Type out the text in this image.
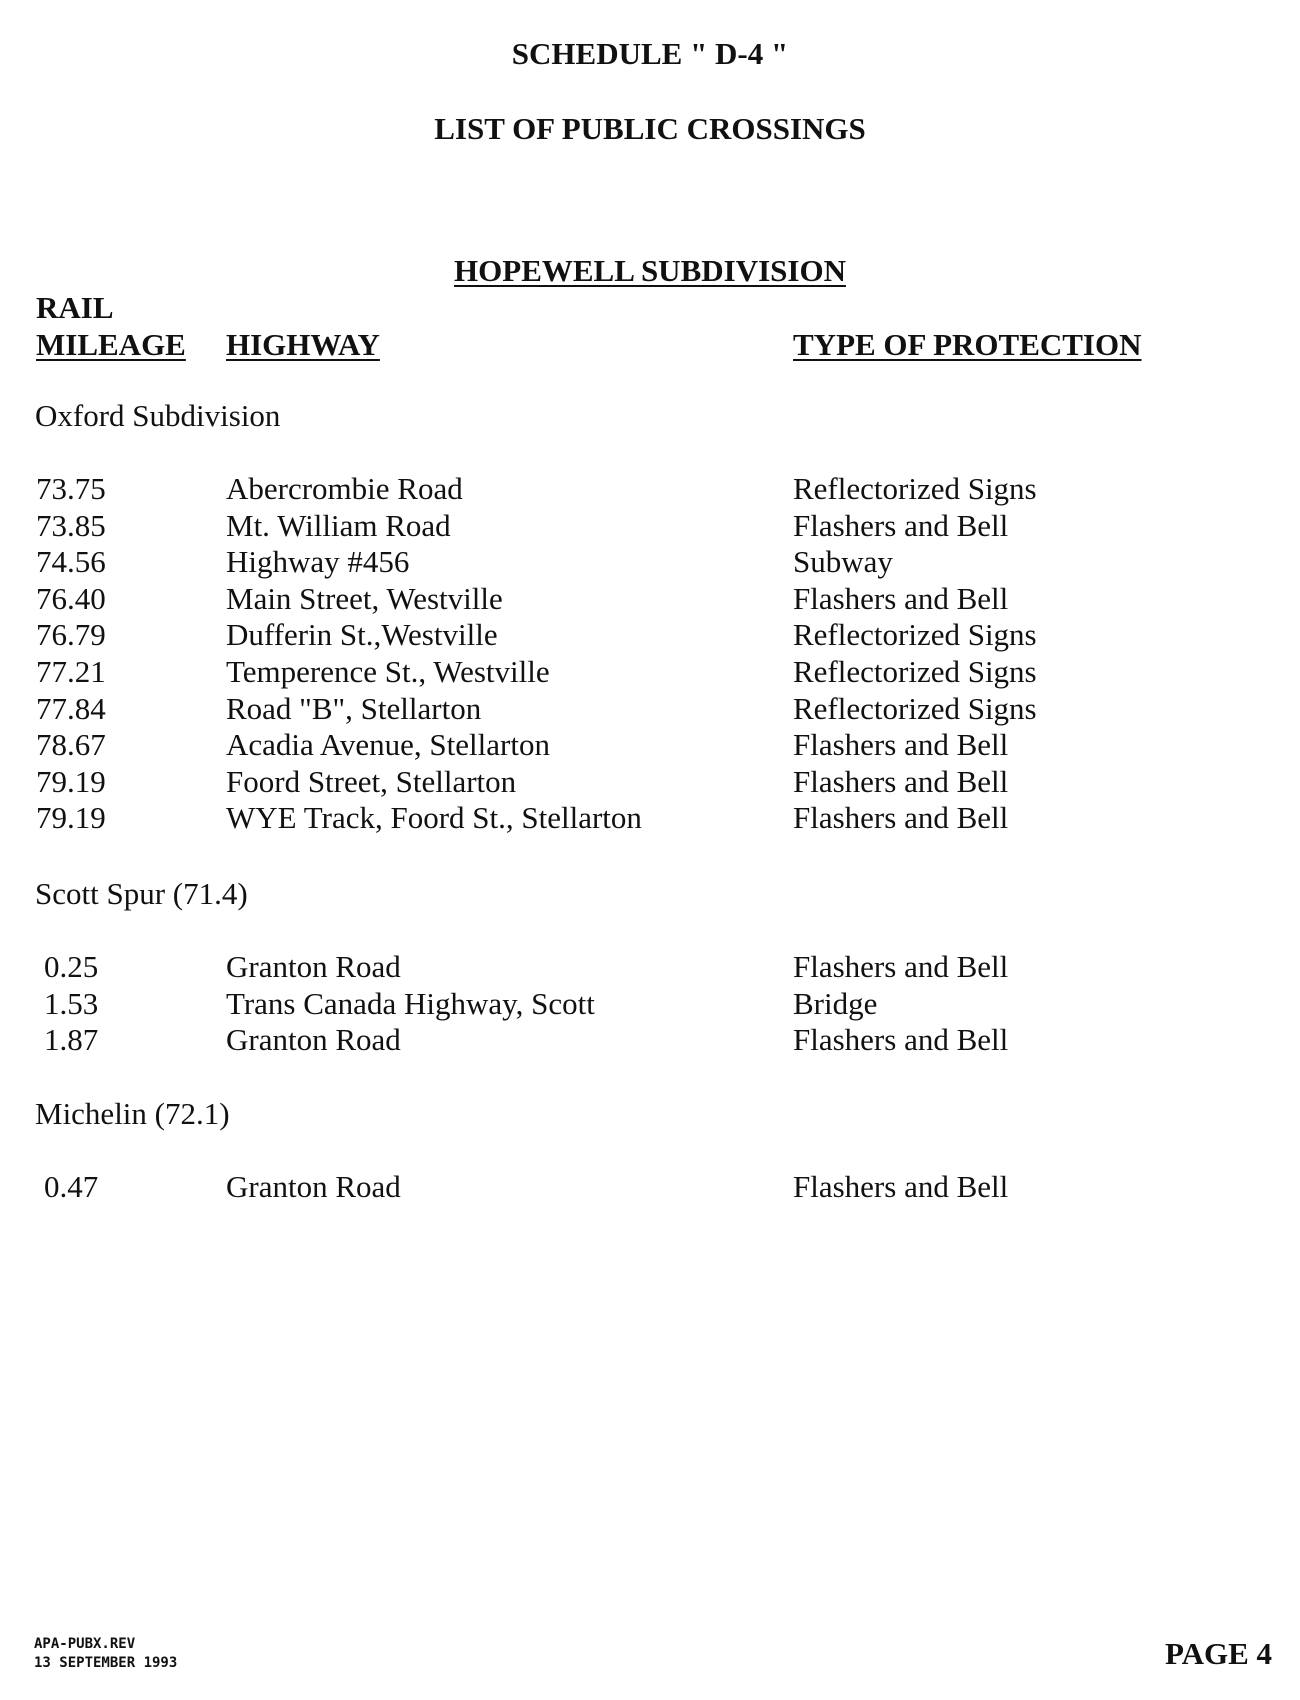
SCHEDULE " D-4 "
LIST OF PUBLIC CROSSINGS
HOPEWELL SUBDIVISION
RAIL
MILEAGE HIGHWAY	TYPE OF PROTECTION
Oxford Subdivision
73.75	Abercrombie Road	Reflectorized Signs
73.85	Mt. William Road	Flashers and Bell
74.56	Highway #456	Subway
76.40	Main Street, Westville	Flashers and Bell
76.79	Dufferin St.,Westville	Reflectorized Signs
77.21	Temperence St., Westville	Reflectorized Signs
77.84	Road "B", Stellarton	Reflectorized Signs
78.67	Acadia Avenue, Stellarton	Flashers and Bell
79.19	Foord Street, Stellarton	Flashers and Bell
79.19	WYE Track, Foord St., Stellarton	Flashers and Bell
Scott Spur (71.4)
0.25	Granton Road	Flashers and Bell
1.53	Trans Canada Highway, Scott	Bridge
1.87	Granton Road	Flashers and Bell
Michelin (72.1)
0.47	Granton Road	Flashers and Bell
APA-PUBX.REV
13 SEPTEMBER 1993	PAGE 4
